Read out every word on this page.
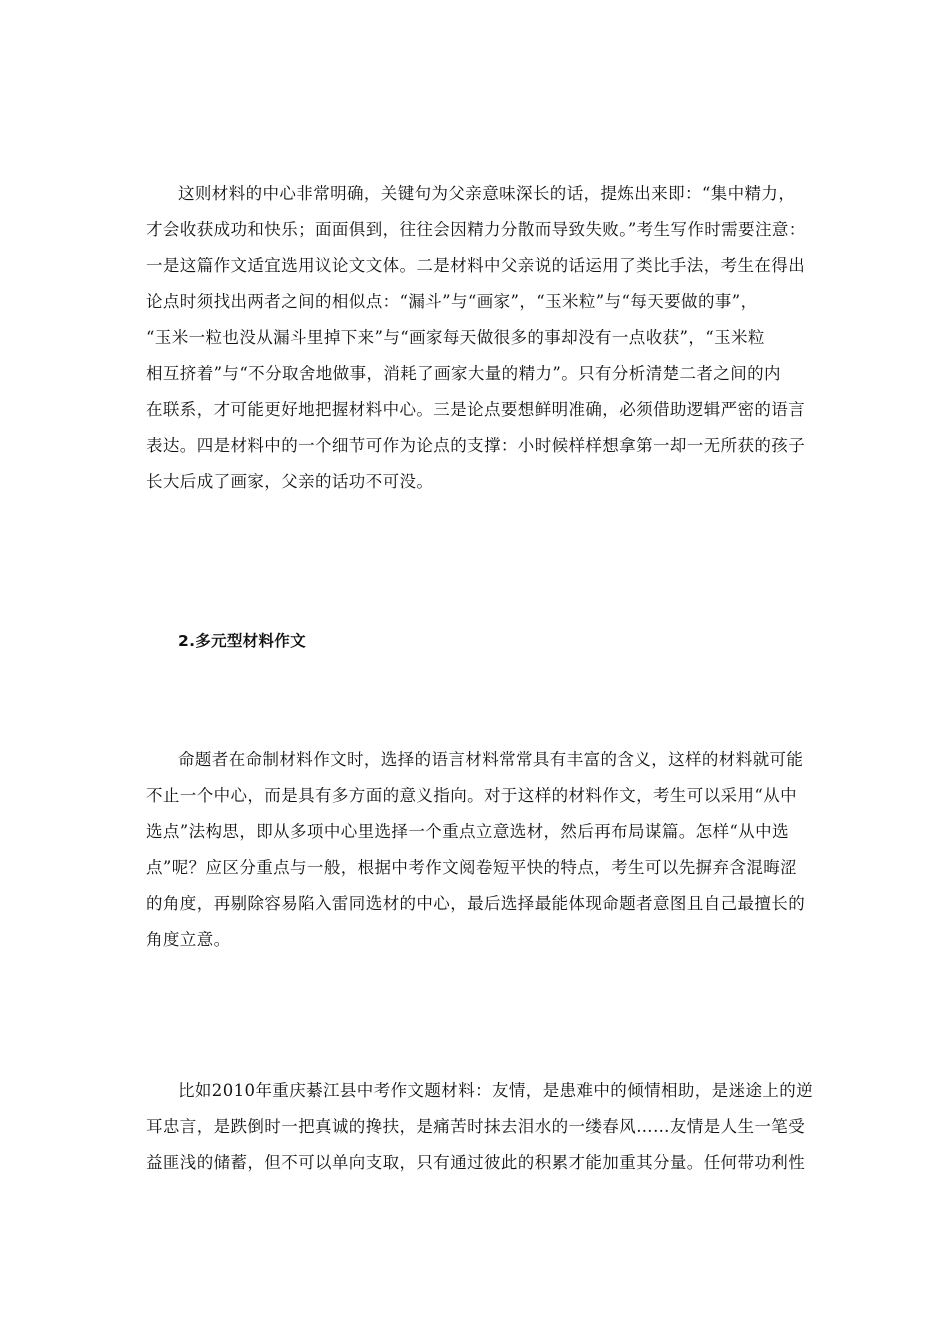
这则材料的中心非常明确，关键句为父亲意味深长的话，提炼出来即：“集中精力，
才会收获成功和快乐；面面俱到，往往会因精力分散而导致失败。”考生写作时需要注意：
一是这篇作文适宜选用议论文文体。二是材料中父亲说的话运用了类比手法，考生在得出
论点时须找出两者之间的相似点：“漏斗”与“画家”，“玉米粒”与“每天要做的事”，
“玉米一粒也没从漏斗里掉下来”与“画家每天做很多的事却没有一点收获”，“玉米粒
相互挤着”与“不分取舍地做事，消耗了画家大量的精力”。只有分析清楚二者之间的内
在联系，才可能更好地把握材料中心。三是论点要想鲜明准确，必须借助逻辑严密的语言
表达。四是材料中的一个细节可作为论点的支撑：小时候样样想拿第一却一无所获的孩子
长大后成了画家，父亲的话功不可没。
2.多元型材料作文
命题者在命制材料作文时，选择的语言材料常常具有丰富的含义，这样的材料就可能
不止一个中心，而是具有多方面的意义指向。对于这样的材料作文，考生可以采用“从中
选点”法构思，即从多项中心里选择一个重点立意选材，然后再布局谋篇。怎样“从中选
点”呢？应区分重点与一般，根据中考作文阅卷短平快的特点，考生可以先摒弃含混晦涩
的角度，再剔除容易陷入雷同选材的中心，最后选择最能体现命题者意图且自己最擅长的
角度立意。
比如2010年重庆綦江县中考作文题材料：友情，是患难中的倾情相助，是迷途上的逆
耳忠言，是跌倒时一把真诚的搀扶，是痛苦时抹去泪水的一缕春风……友情是人生一笔受
益匪浅的储蓄，但不可以单向支取，只有通过彼此的积累才能加重其分量。任何带功利性
